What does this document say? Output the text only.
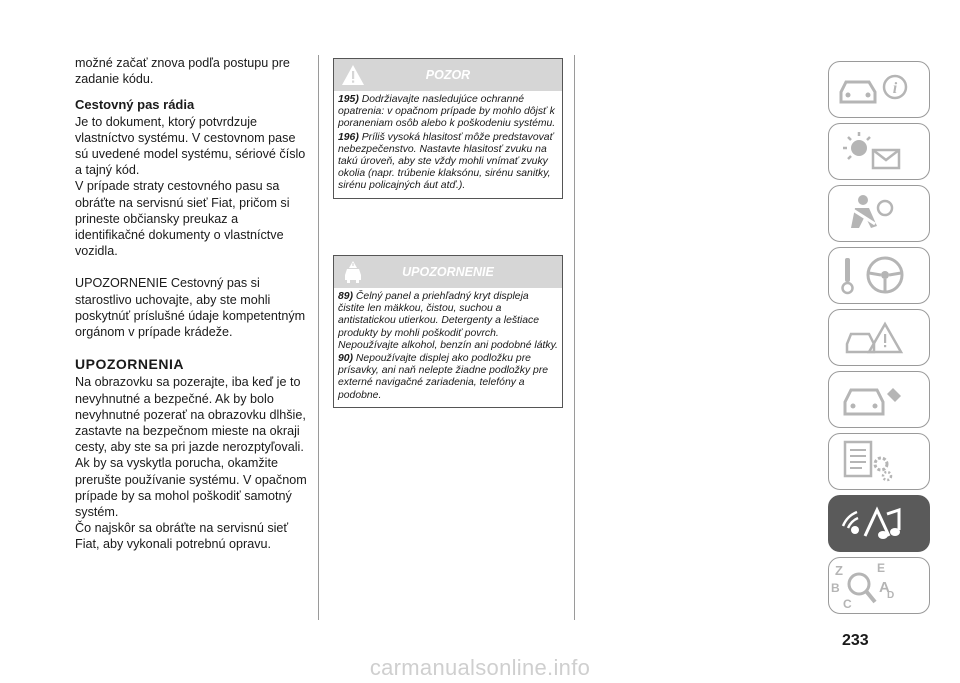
možné začať znova podľa postupu pre zadanie kódu.

Cestovný pas rádia

Je to dokument, ktorý potvrdzuje vlastníctvo systému. V cestovnom pase sú uvedené model systému, sériové číslo a tajný kód.

V prípade straty cestovného pasu sa obráťte na servisnú sieť Fiat, pričom si prineste občiansky preukaz a identifikačné dokumenty o vlastníctve vozidla.

UPOZORNENIE Cestovný pas si starostlivo uchovajte, aby ste mohli poskytnúť príslušné údaje kompetentným orgánom v prípade krádeže.

UPOZORNENIA

Na obrazovku sa pozerajte, iba keď je to nevyhnutné a bezpečné. Ak by bolo nevyhnutné pozerať na obrazovku dlhšie, zastavte na bezpečnom mieste na okraji cesty, aby ste sa pri jazde nerozptyľovali.

Ak by sa vyskytla porucha, okamžite prerušte používanie systému. V opačnom prípade by sa mohol poškodiť samotný systém.

Čo najskôr sa obráťte na servisnú sieť Fiat, aby vykonali potrebnú opravu.

POZOR

195) Dodržiavajte nasledujúce ochranné opatrenia: v opačnom prípade by mohlo dôjsť k poraneniam osôb alebo k poškodeniu systému.

196) Príliš vysoká hlasitosť môže predstavovať nebezpečenstvo. Nastavte hlasitosť zvuku na takú úroveň, aby ste vždy mohli vnímať zvuky okolia (napr. trúbenie klaksónu, sirénu sanitky, sirénu policajných áut atď.).

UPOZORNENIE

89) Čelný panel a priehľadný kryt displeja čistite len mäkkou, čistou, suchou a antistatickou utierkou. Detergenty a leštiace produkty by mohli poškodiť povrch. Nepoužívajte alkohol, benzín ani podobné látky.

90) Nepoužívajte displej ako podložku pre prísavky, ani naň nelepte žiadne podložky pre externé navigačné zariadenia, telefóny a podobne.

i
Z	E
B	A
C
D
233
carmanualsonline.info
